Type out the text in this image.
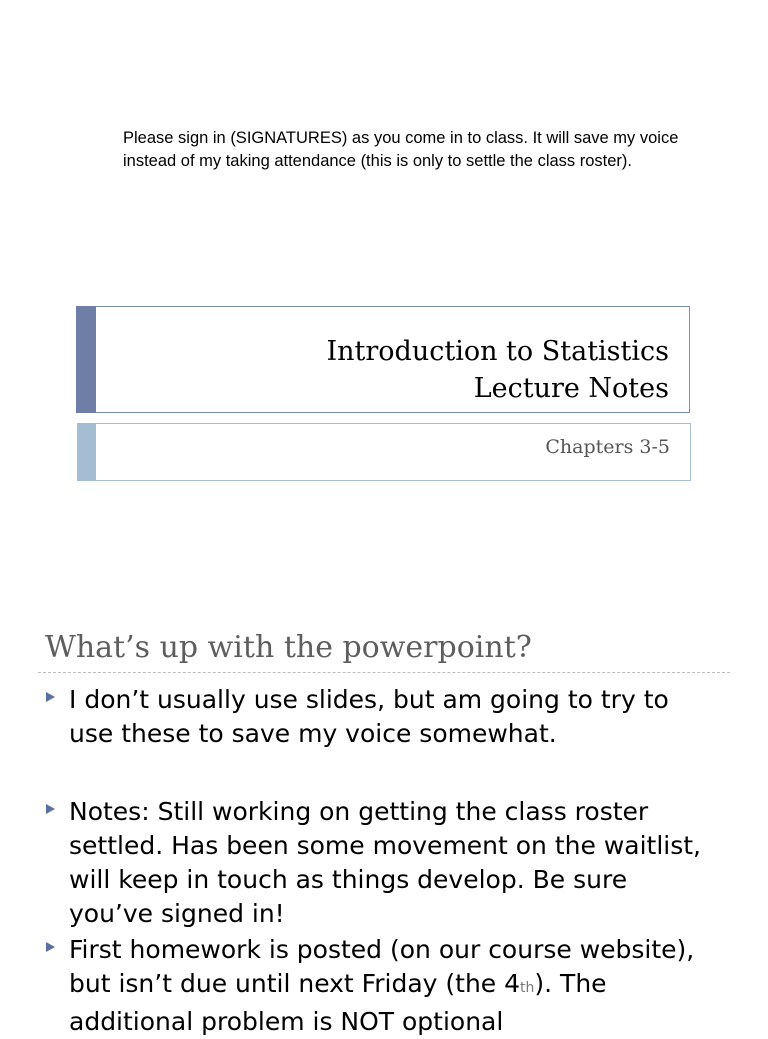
Please sign in (SIGNATURES) as you come in to class. It will save my voice instead of my taking attendance (this is only to settle the class roster).
Introduction to Statistics
Lecture Notes
Chapters 3-5
What’s up with the powerpoint?
I don’t usually use slides, but am going to try to use these to save my voice somewhat.
Notes: Still working on getting the class roster settled. Has been some movement on the waitlist, will keep in touch as things develop. Be sure you’ve signed in!
First homework is posted (on our course website), but isn’t due until next Friday (the 4th). The additional problem is NOT optional
